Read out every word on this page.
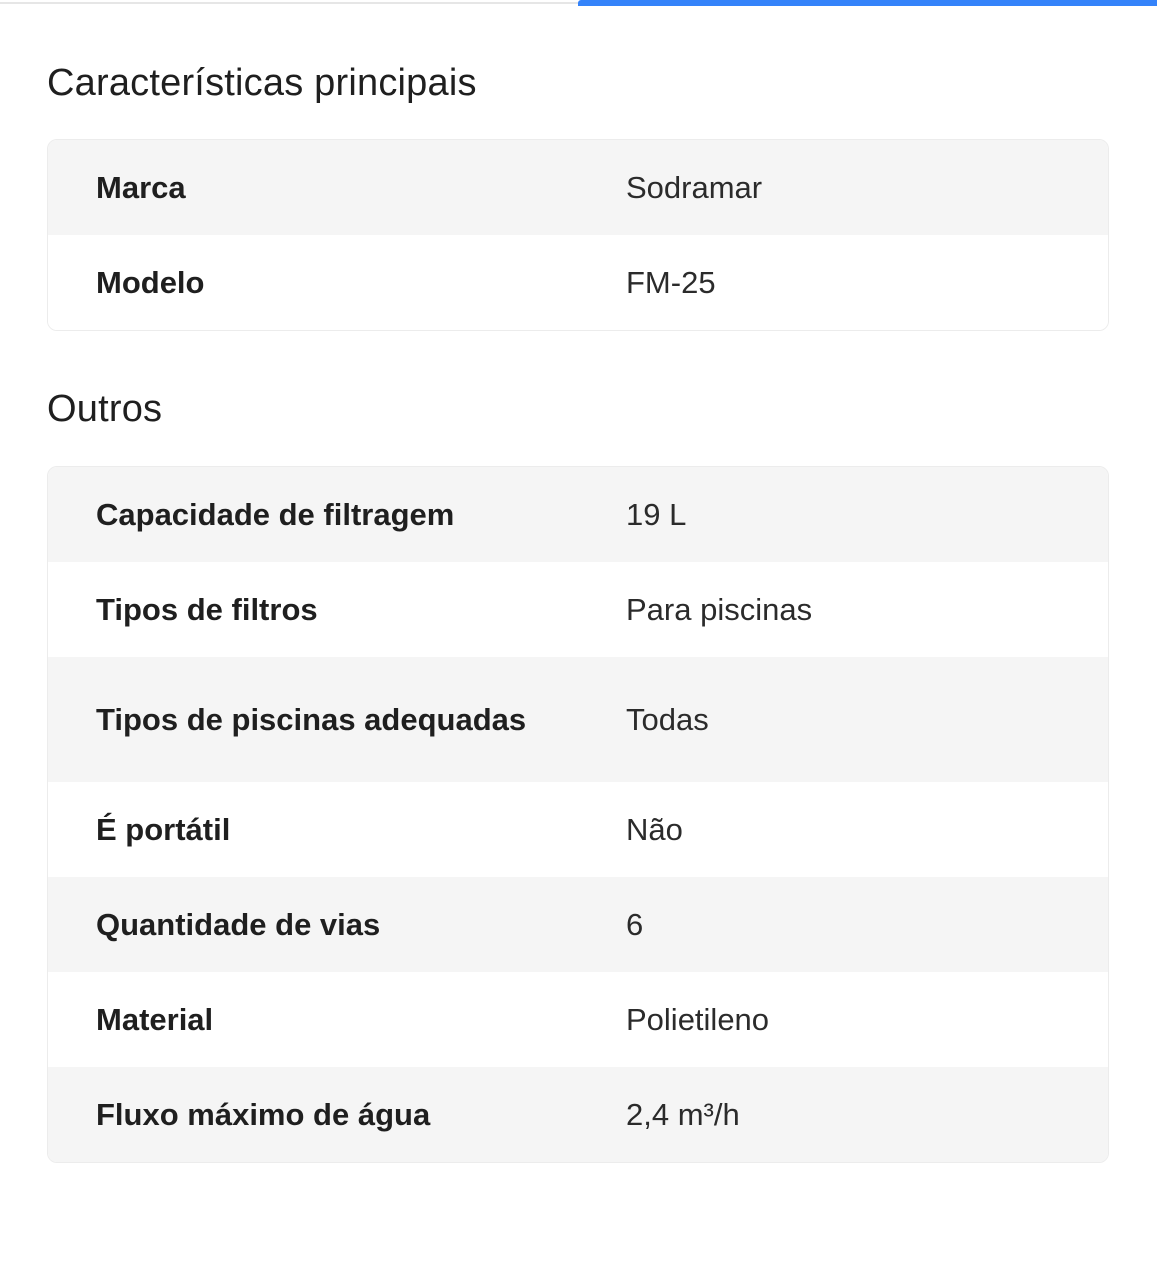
Características principais
Marca	Sodramar
Modelo	FM-25
Outros
Capacidade de filtragem	19 L
Tipos de filtros	Para piscinas
Tipos de piscinas adequadas	Todas
É portátil	Não
Quantidade de vias	6
Material	Polietileno
Fluxo máximo de água	2,4 m³/h
